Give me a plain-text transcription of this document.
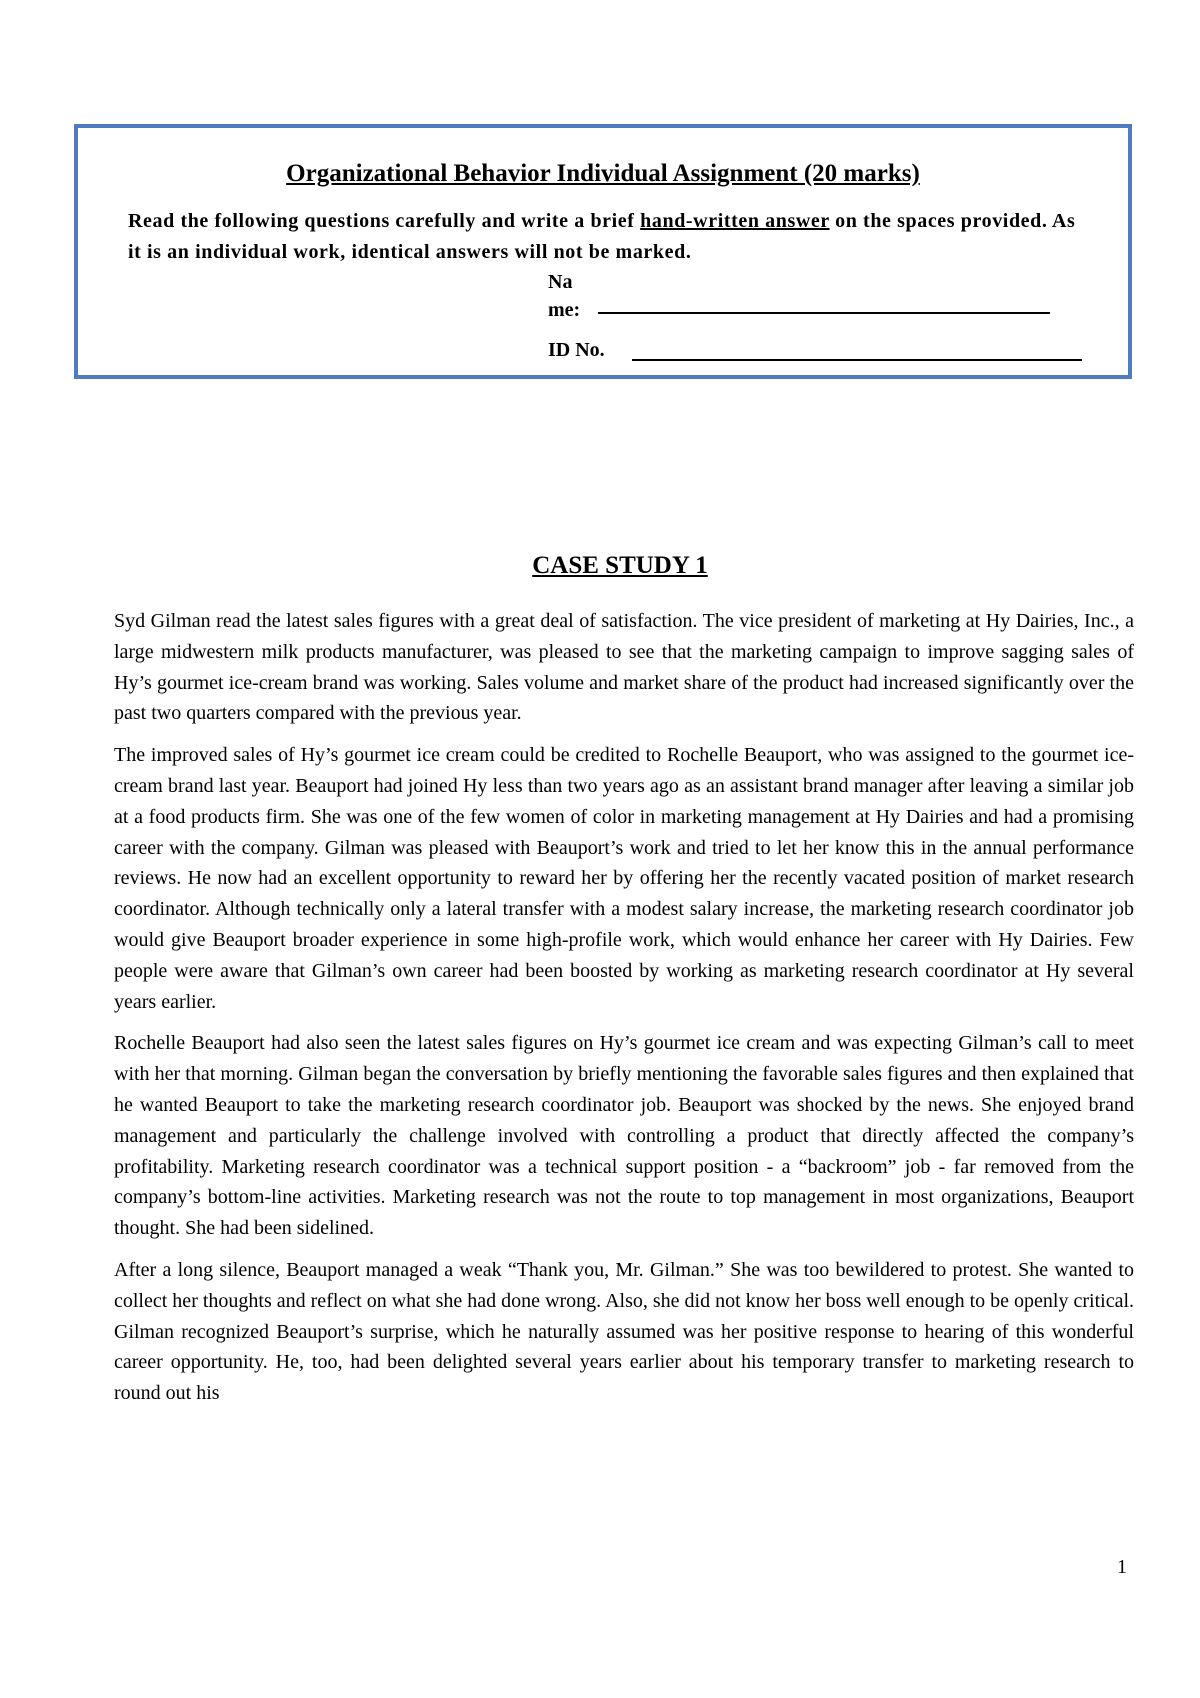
Organizational Behavior Individual Assignment (20 marks)
Read the following questions carefully and write a brief hand-written answer on the spaces provided. As it is an individual work, identical answers will not be marked.
Na
me:
ID No.
CASE STUDY 1

Syd Gilman read the latest sales figures with a great deal of satisfaction. The vice president of marketing at Hy Dairies, Inc., a large midwestern milk products manufacturer, was pleased to see that the marketing campaign to improve sagging sales of Hy’s gourmet ice-cream brand was working. Sales volume and market share of the product had increased significantly over the past two quarters compared with the previous year.

The improved sales of Hy’s gourmet ice cream could be credited to Rochelle Beauport, who was assigned to the gourmet ice-cream brand last year. Beauport had joined Hy less than two years ago as an assistant brand manager after leaving a similar job at a food products firm. She was one of the few women of color in marketing management at Hy Dairies and had a promising career with the company. Gilman was pleased with Beauport’s work and tried to let her know this in the annual performance reviews. He now had an excellent opportunity to reward her by offering her the recently vacated position of market research coordinator. Although technically only a lateral transfer with a modest salary increase, the marketing research coordinator job would give Beauport broader experience in some high-profile work, which would enhance her career with Hy Dairies. Few people were aware that Gilman’s own career had been boosted by working as marketing research coordinator at Hy several years earlier.

Rochelle Beauport had also seen the latest sales figures on Hy’s gourmet ice cream and was expecting Gilman’s call to meet with her that morning. Gilman began the conversation by briefly mentioning the favorable sales figures and then explained that he wanted Beauport to take the marketing research coordinator job. Beauport was shocked by the news. She enjoyed brand management and particularly the challenge involved with controlling a product that directly affected the company’s profitability. Marketing research coordinator was a technical support position - a “backroom” job - far removed from the company’s bottom-line activities. Marketing research was not the route to top management in most organizations, Beauport thought. She had been sidelined.

After a long silence, Beauport managed a weak “Thank you, Mr. Gilman.” She was too bewildered to protest. She wanted to collect her thoughts and reflect on what she had done wrong. Also, she did not know her boss well enough to be openly critical. Gilman recognized Beauport’s surprise, which he naturally assumed was her positive response to hearing of this wonderful career opportunity. He, too, had been delighted several years earlier about his temporary transfer to marketing research to round out his

1
